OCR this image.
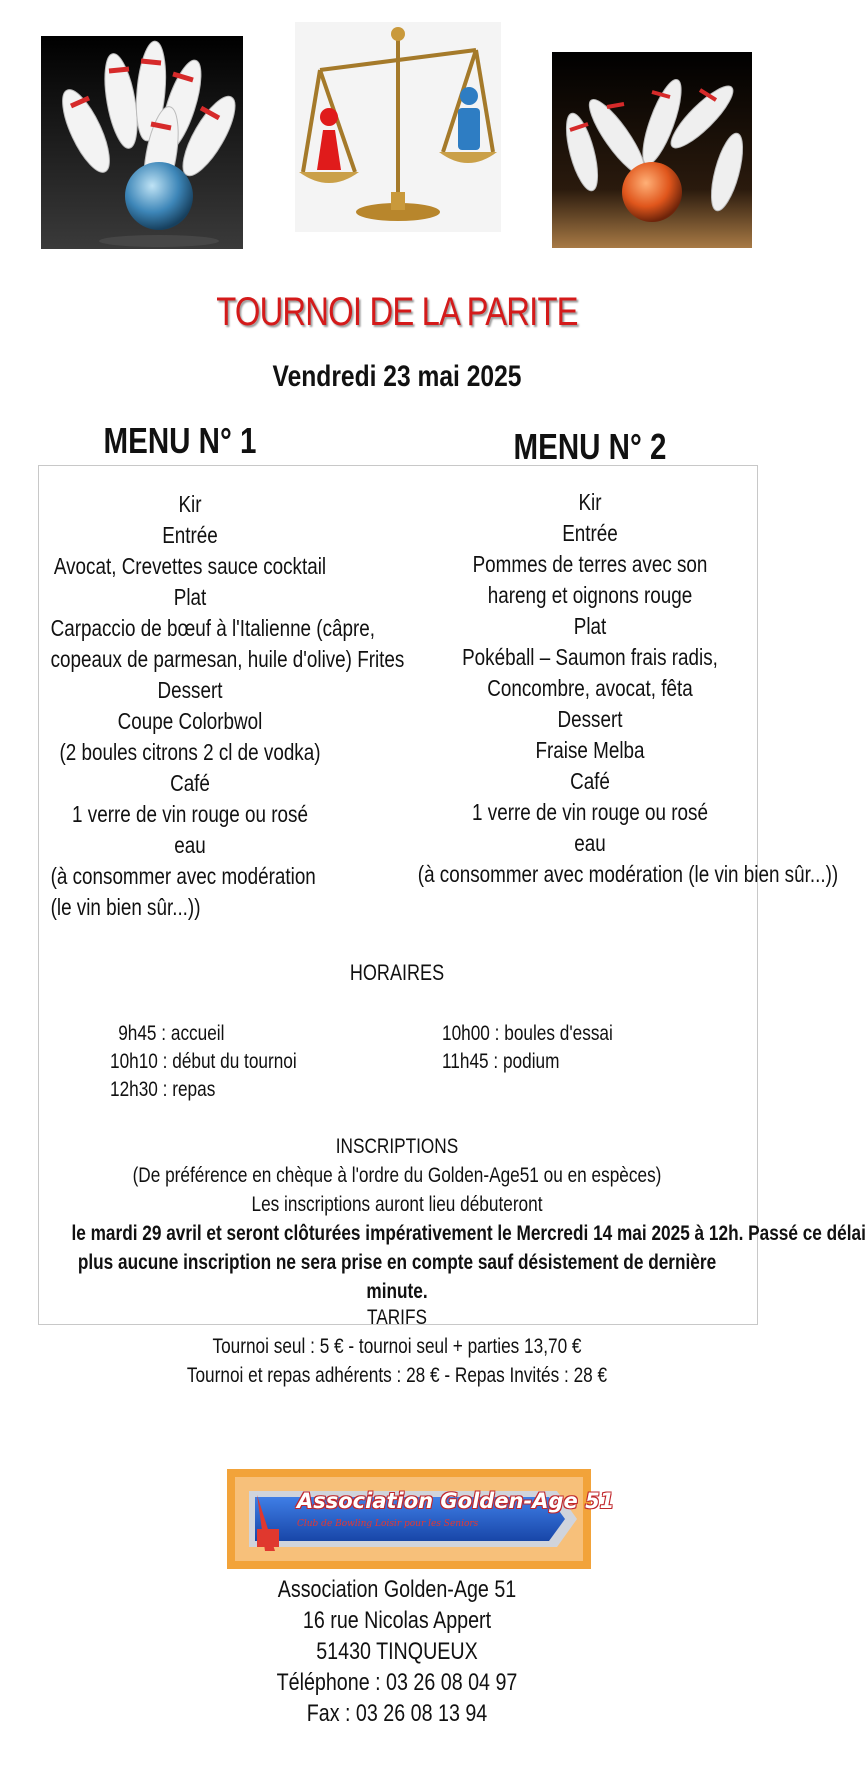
TOURNOI DE LA PARITE
Vendredi 23 mai 2025
MENU N° 1	MENU N° 2
Kir
Entrée
Avocat, Crevettes sauce cocktail
Plat
Carpaccio de bœuf à l'Italienne (câpre,
copeaux de parmesan, huile d'olive) Frites
Dessert
Coupe Colorbwol
(2 boules citrons 2 cl de vodka)
Café
1 verre de vin rouge ou rosé
eau
(à consommer avec modération (le vin bien sûr...))
Kir
Entrée
Pommes de terres avec son
hareng et oignons rouge
Plat
Pokéball – Saumon frais radis,
Concombre, avocat, fêta
Dessert
Fraise Melba
Café
1 verre de vin rouge ou rosé
eau
(à consommer avec modération (le vin bien sûr...))
HORAIRES
9h45 : accueil
10h10 : début du tournoi
12h30 : repas
10h00 : boules d'essai
11h45 : podium
INSCRIPTIONS
(De préférence en chèque à l'ordre du Golden-Age51 ou en espèces)
Les inscriptions auront lieu débuteront
le mardi 29 avril et seront clôturées impérativement le Mercredi 14 mai 2025 à 12h. Passé ce délai
plus aucune inscription ne sera prise en compte sauf désistement de dernière minute.
TARIFS
Tournoi seul : 5 € - tournoi seul + parties 13,70 €
Tournoi et repas adhérents : 28 € - Repas Invités : 28 €
Association Golden-Age 51
Club de Bowling Loisir pour les Seniors
Association Golden-Age 51
16 rue Nicolas Appert
51430 TINQUEUX
Téléphone : 03 26 08 04 97
Fax : 03 26 08 13 94
